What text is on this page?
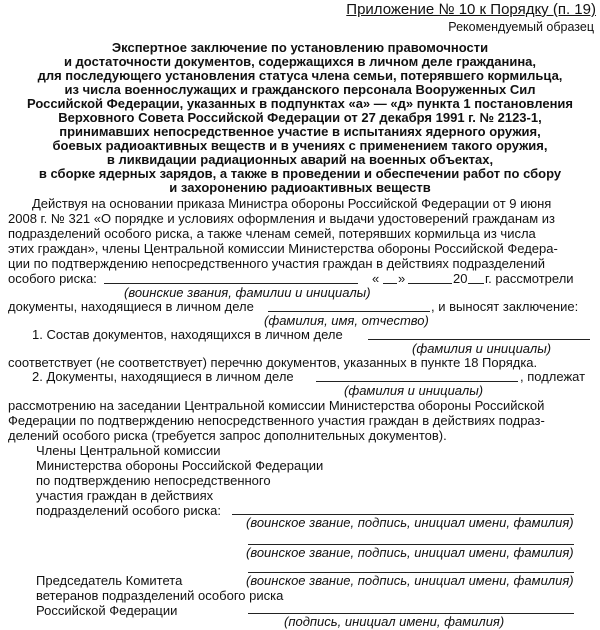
Приложение № 10 к Порядку (п. 19)
Рекомендуемый образец
Экспертное заключение по установлению правомочности
и достаточности документов, содержащихся в личном деле гражданина,
для последующего установления статуса члена семьи, потерявшего кормильца,
из числа военнослужащих и гражданского персонала Вооруженных Сил
Российской Федерации, указанных в подпунктах «а» — «д» пункта 1 постановления
Верховного Совета Российской Федерации от 27 декабря 1991 г. № 2123-1,
принимавших непосредственное участие в испытаниях ядерного оружия,
боевых радиоактивных веществ и в учениях с применением такого оружия,
в ликвидации радиационных аварий на военных объектах,
в сборке ядерных зарядов, а также в проведении и обеспечении работ по сбору
и захоронению радиоактивных веществ
Действуя на основании приказа Министра обороны Российской Федерации от 9 июня
2008 г. № 321 «О порядке и условиях оформления и выдачи удостоверений гражданам из
подразделений особого риска, а также членам семей, потерявших кормильца из числа
этих граждан», члены Центральной комиссии Министерства обороны Российской Федера-
ции по подтверждению непосредственного участия граждан в действиях подразделений
особого риска:	« »	20 г. рассмотрели
(воинские звания, фамилии и инициалы)
документы, находящиеся в личном деле	, и выносят заключение:
(фамилия, имя, отчество)
1. Состав документов, находящихся в личном деле
(фамилия и инициалы)
соответствует (не соответствует) перечню документов, указанных в пункте 18 Порядка.
2. Документы, находящиеся в личном деле	, подлежат
(фамилия и инициалы)
рассмотрению на заседании Центральной комиссии Министерства обороны Российской
Федерации по подтверждению непосредственного участия граждан в действиях подраз-
делений особого риска (требуется запрос дополнительных документов).
Члены Центральной комиссии
Министерства обороны Российской Федерации
по подтверждению непосредственного
участия граждан в действиях
подразделений особого риска:
(воинское звание, подпись, инициал имени, фамилия)
(воинское звание, подпись, инициал имени, фамилия)
(воинское звание, подпись, инициал имени, фамилия)
Председатель Комитета
ветеранов подразделений особого риска
Российской Федерации
(подпись, инициал имени, фамилия)
